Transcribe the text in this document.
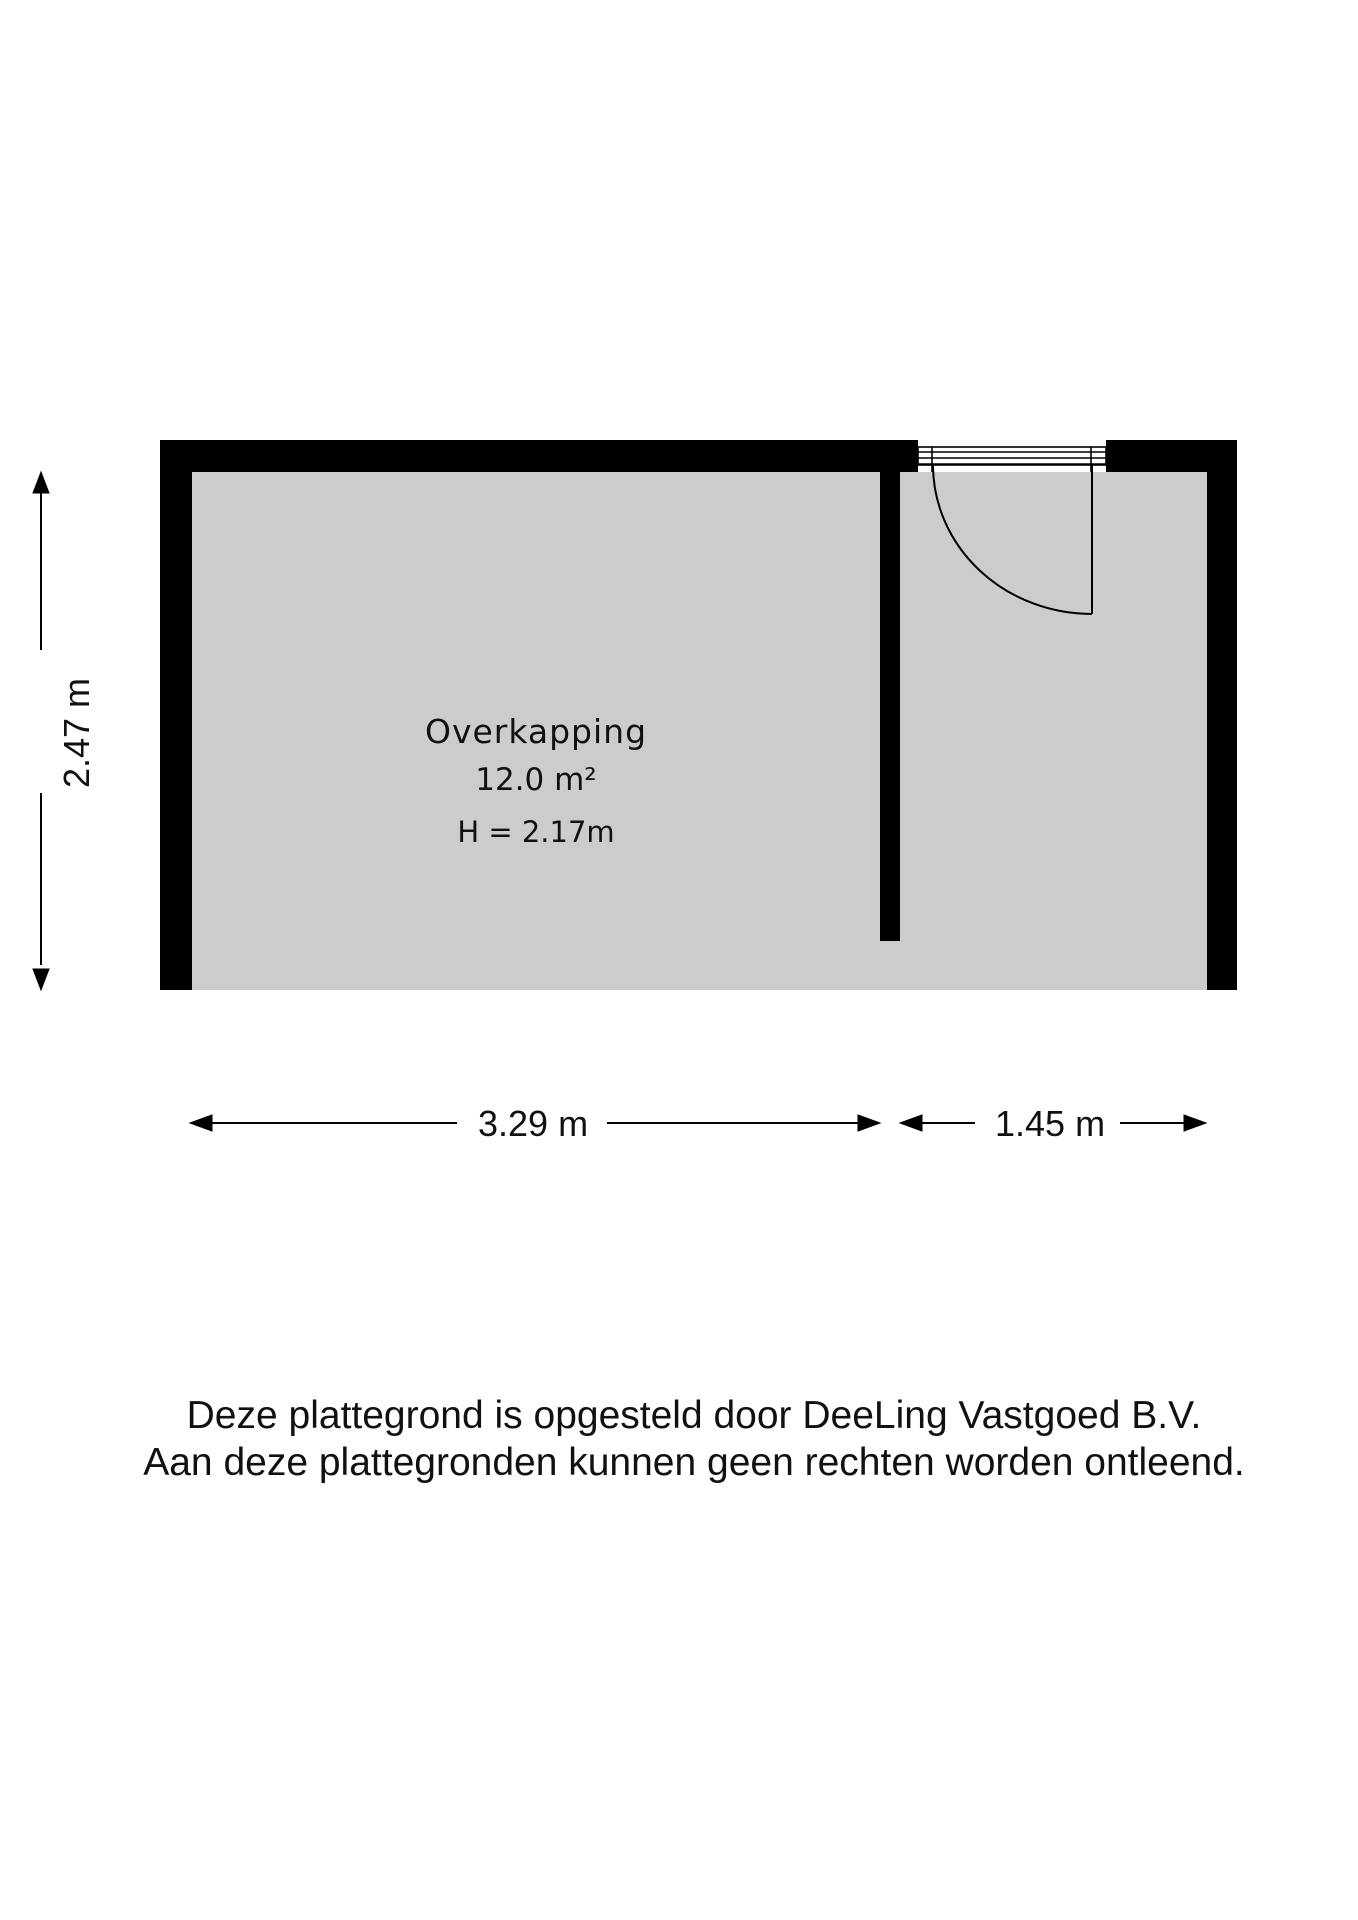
Overkapping
12.0 m²
H = 2.17m
2.47 m
3.29 m	1.45 m
Deze plattegrond is opgesteld door DeeLing Vastgoed B.V.
Aan deze plattegronden kunnen geen rechten worden ontleend.
